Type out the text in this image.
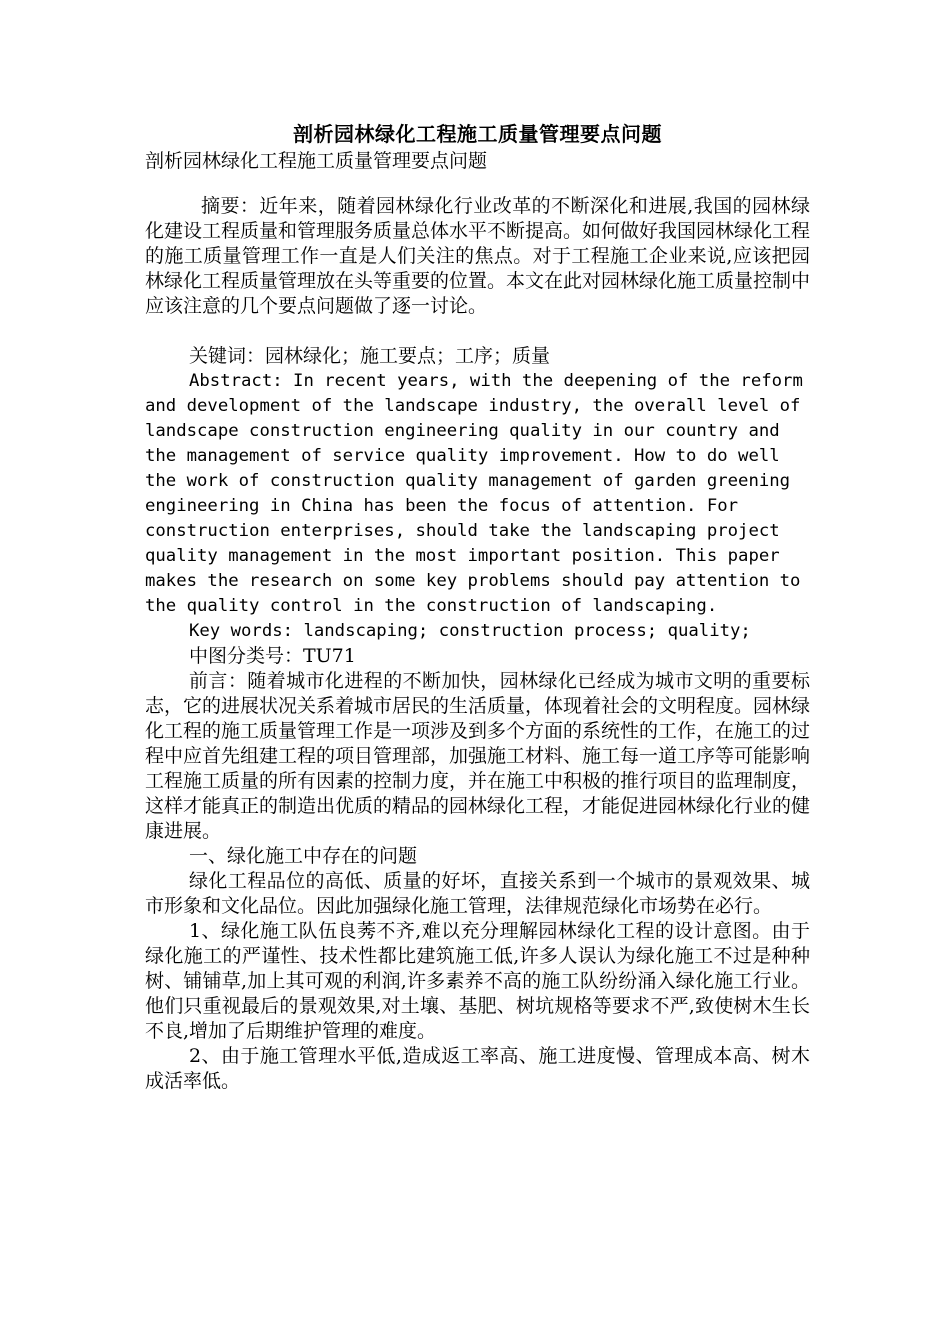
剖析园林绿化工程施工质量管理要点问题
剖析园林绿化工程施工质量管理要点问题

摘要：近年来，随着园林绿化行业改革的不断深化和进展,我国的园林绿化建设工程质量和管理服务质量总体水平不断提高。如何做好我国园林绿化工程的施工质量管理工作一直是人们关注的焦点。对于工程施工企业来说,应该把园林绿化工程质量管理放在头等重要的位置。本文在此对园林绿化施工质量控制中应该注意的几个要点问题做了逐一讨论。

关键词：园林绿化；施工要点；工序；质量

Abstract: In recent years, with the deepening of the reform and development of the landscape industry, the overall level of landscape construction engineering quality in our country and the management of service quality improvement. How to do well the work of construction quality management of garden greening engineering in China has been the focus of attention. For construction enterprises, should take the landscaping project quality management in the most important position. This paper makes the research on some key problems should pay attention to the quality control in the construction of landscaping.

Key words: landscaping; construction process; quality;

中图分类号：TU71

前言：随着城市化进程的不断加快，园林绿化已经成为城市文明的重要标志，它的进展状况关系着城市居民的生活质量，体现着社会的文明程度。园林绿化工程的施工质量管理工作是一项涉及到多个方面的系统性的工作，在施工的过程中应首先组建工程的项目管理部，加强施工材料、施工每一道工序等可能影响工程施工质量的所有因素的控制力度，并在施工中积极的推行项目的监理制度，这样才能真正的制造出优质的精品的园林绿化工程，才能促进园林绿化行业的健康进展。

一、绿化施工中存在的问题

绿化工程品位的高低、质量的好坏，直接关系到一个城市的景观效果、城市形象和文化品位。因此加强绿化施工管理，法律规范绿化市场势在必行。

1、绿化施工队伍良莠不齐,难以充分理解园林绿化工程的设计意图。由于绿化施工的严谨性、技术性都比建筑施工低,许多人误认为绿化施工不过是种种树、铺铺草,加上其可观的利润,许多素养不高的施工队纷纷涌入绿化施工行业。他们只重视最后的景观效果,对土壤、基肥、树坑规格等要求不严,致使树木生长不良,增加了后期维护管理的难度。

2、由于施工管理水平低,造成返工率高、施工进度慢、管理成本高、树木成活率低。
